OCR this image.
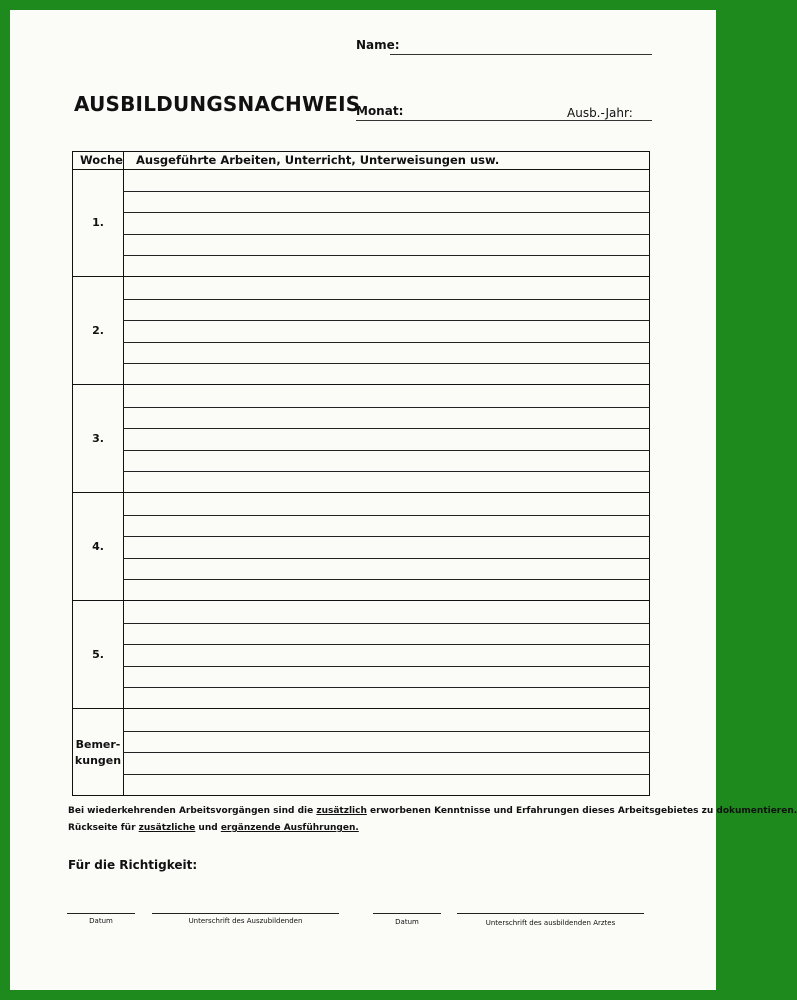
Name:
AUSBILDUNGSNACHWEIS
Monat:	Ausb.-Jahr:
Woche Ausgeführte Arbeiten, Unterricht, Unterweisungen usw.
1.
2.
3.
4.
5.
Bemer-
kungen
Bei wiederkehrenden Arbeitsvorgängen sind die zusätzlich erworbenen Kenntnisse und Erfahrungen dieses Arbeitsgebietes zu dokumentieren.
Rückseite für zusätzliche und ergänzende Ausführungen.
Für die Richtigkeit:
Datum	Unterschrift des Auszubildenden	Datum	Unterschrift des ausbildenden Arztes
